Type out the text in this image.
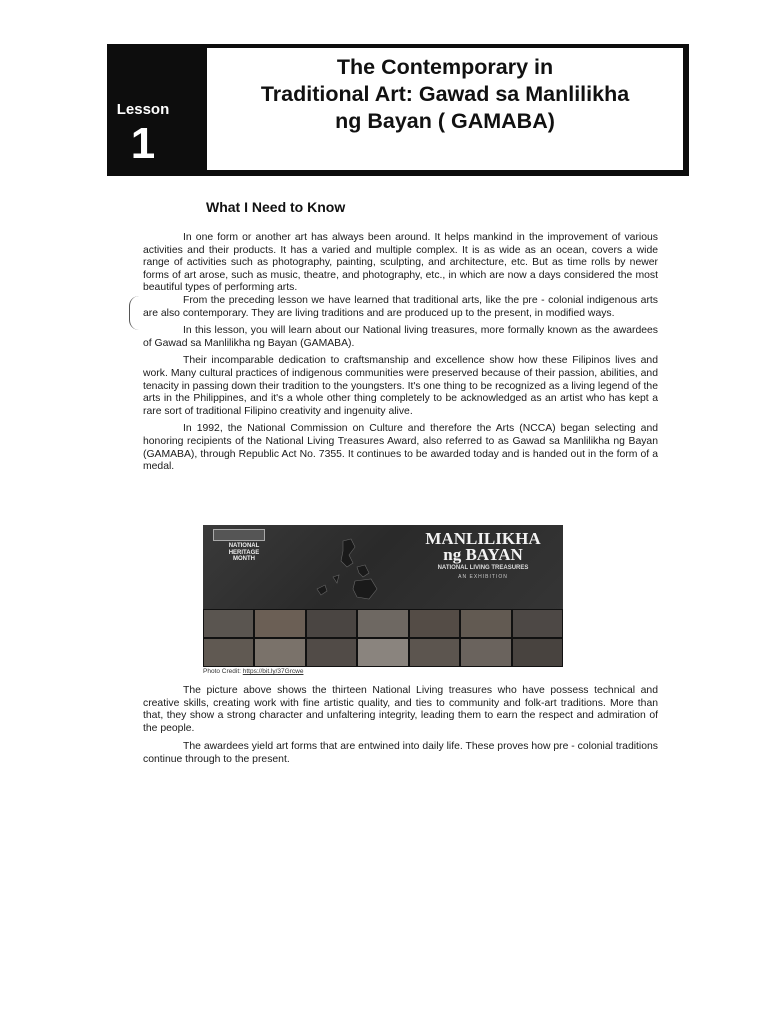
Lesson
1
The Contemporary in
Traditional Art: Gawad sa Manlilikha
ng Bayan ( GAMABA)
What I Need to Know

In one form or another art has always been around. It helps mankind in the improvement of various activities and their products. It has a varied and multiple complex. It is as wide as an ocean, covers a wide range of activities such as photography, painting, sculpting, and architecture, etc. But as time rolls by newer forms of art arose, such as music, theatre, and photography, etc., in which are now a days considered the most beautiful types of performing arts.

From the preceding lesson we have learned that traditional arts, like the pre - colonial indigenous arts are also contemporary. They are living traditions and are produced up to the present, in modified ways.

In this lesson, you will learn about our National living treasures, more formally known as the awardees of Gawad sa Manlilikha ng Bayan (GAMABA).

Their incomparable dedication to craftsmanship and excellence show how these Filipinos lives and work. Many cultural practices of indigenous communities were preserved because of their passion, abilities, and tenacity in passing down their tradition to the youngsters. It's one thing to be recognized as a living legend of the arts in the Philippines, and it's a whole other thing completely to be acknowledged as an artist who has kept a rare sort of traditional Filipino creativity and ingenuity alive.

In 1992, the National Commission on Culture and therefore the Arts (NCCA) began selecting and honoring recipients of the National Living Treasures Award, also referred to as Gawad sa Manlilikha ng Bayan (GAMABA), through Republic Act No. 7355. It continues to be awarded today and is handed out in the form of a medal.

NATIONAL
HERITAGE
MONTH
MANLILIKHA
ng BAYAN
NATIONAL LIVING TREASURES
AN EXHIBITION
Photo Credit: https://bit.ly/37Grcwe

The picture above shows the thirteen National Living treasures who have possess technical and creative skills, creating work with fine artistic quality, and ties to community and folk-art traditions. More than that, they show a strong character and unfaltering integrity, leading them to earn the respect and admiration of the people.

The awardees yield art forms that are entwined into daily life. These proves how pre - colonial traditions continue through to the present.
